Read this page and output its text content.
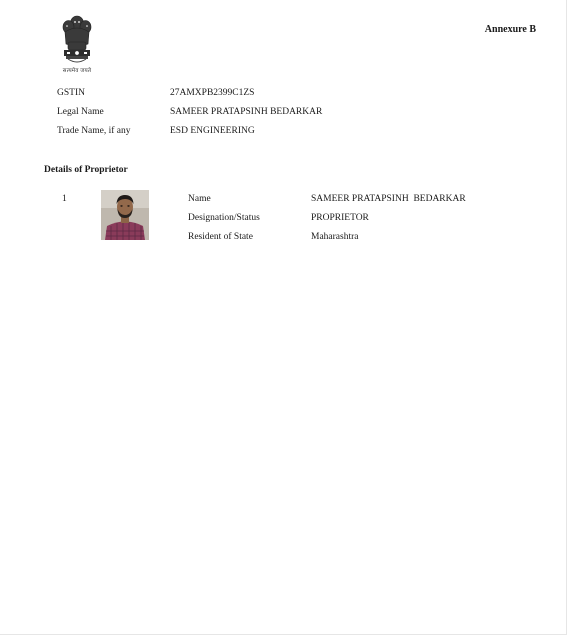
सत्यमेव जयते
Annexure B
GSTIN	27AMXPB2399C1ZS
Legal Name	SAMEER PRATAPSINH BEDARKAR
Trade Name, if any	ESD ENGINEERING
Details of Proprietor
1	Name	SAMEER PRATAPSINH  BEDARKAR
Designation/Status	PROPRIETOR
Resident of State	Maharashtra
